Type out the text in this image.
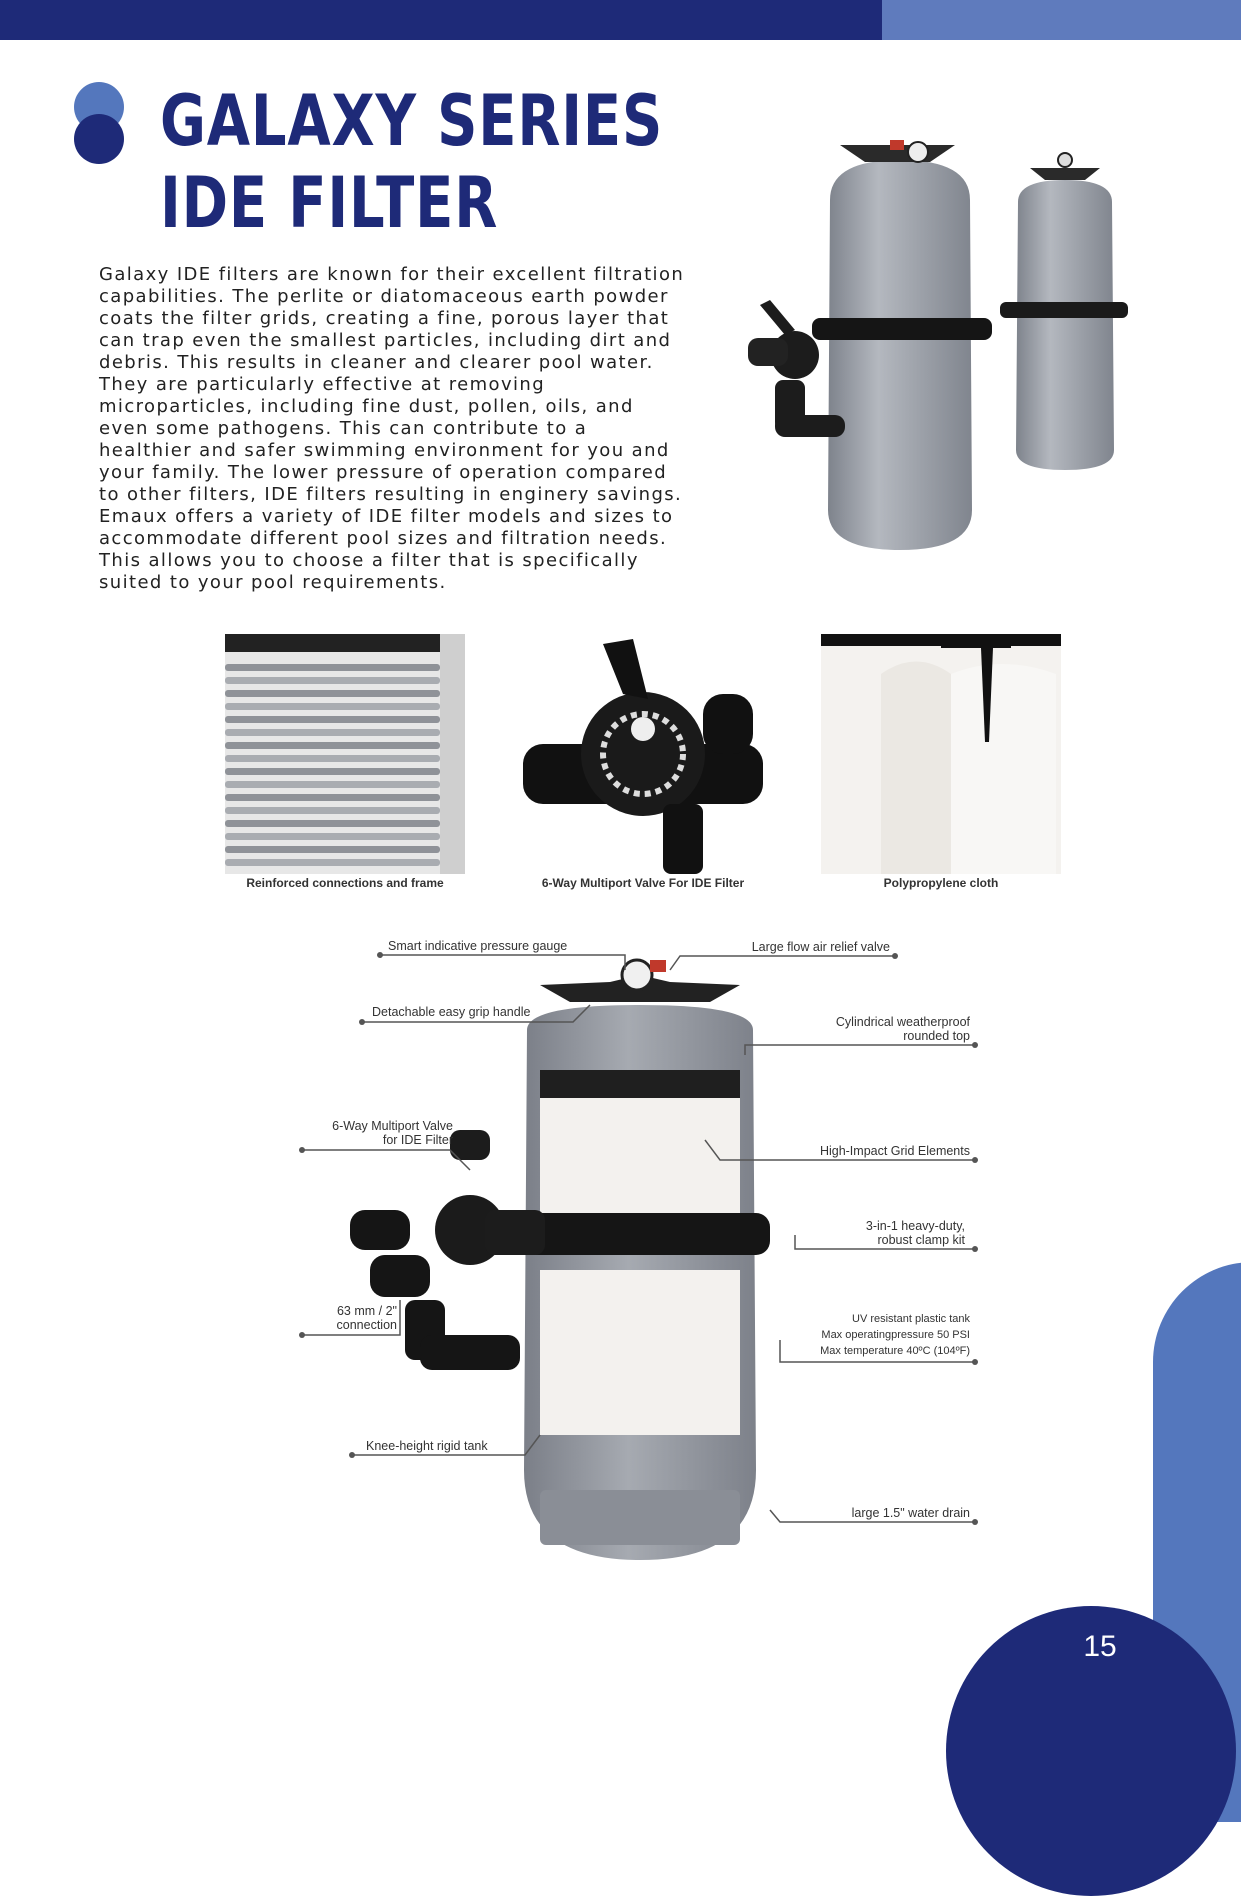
GALAXY SERIES
IDE FILTER

Galaxy IDE filters are known for their excellent filtration
capabilities. The perlite or diatomaceous earth powder
coats the filter grids, creating a fine, porous layer that
can trap even the smallest particles, including dirt and
debris. This results in cleaner and clearer pool water.
They are particularly effective at removing
microparticles, including fine dust, pollen, oils, and
even some pathogens. This can contribute to a
healthier and safer swimming environment for you and
your family. The lower pressure of operation compared
to other filters, IDE filters resulting in enginery savings.
Emaux offers a variety of IDE filter models and sizes to
accommodate different pool sizes and filtration needs.
This allows you to choose a filter that is specifically
suited to your pool requirements.

Reinforced connections and frame	6-Way Multiport Valve For IDE Filter	Polypropylene cloth
Smart indicative pressure gauge	Large flow air relief valve
Detachable easy grip handle
Cylindrical weatherproof
rounded top
6-Way Multiport Valve
for IDE Filter
High-Impact Grid Elements
3-in-1 heavy-duty,
robust clamp kit
63 mm / 2"
connection	UV resistant plastic tank
Max operatingpressure 50 PSI
Max temperature 40ºC (104ºF)
Knee-height rigid tank
large 1.5" water drain
15
